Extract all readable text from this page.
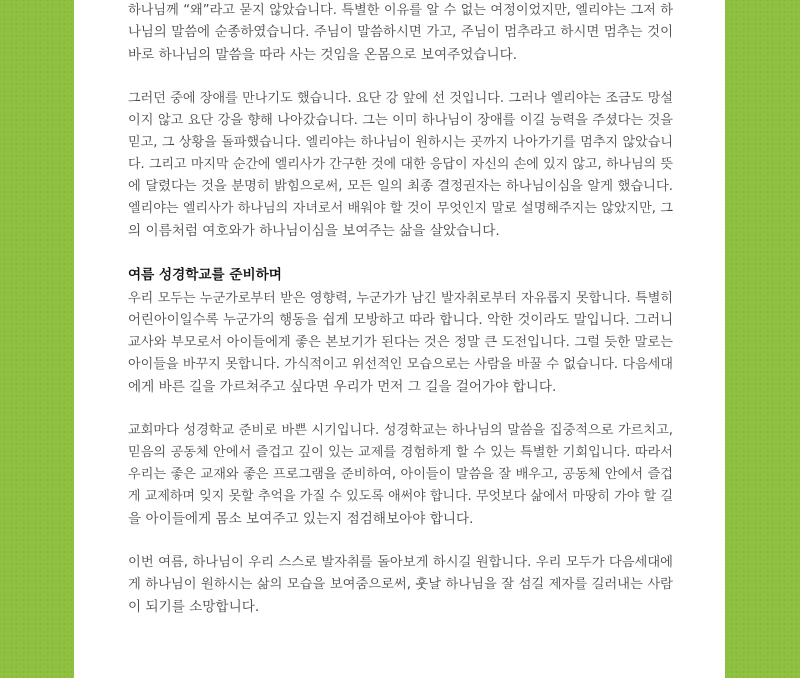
하나님께 “왜”라고 묻지 않았습니다. 특별한 이유를 알 수 없는 여정이었지만, 엘리야는 그저 하
나님의 말씀에 순종하였습니다. 주님이 말씀하시면 가고, 주님이 멈추라고 하시면 멈추는 것이
바로 하나님의 말씀을 따라 사는 것임을 온몸으로 보여주었습니다.

그러던 중에 장애를 만나기도 했습니다. 요단 강 앞에 선 것입니다. 그러나 엘리야는 조금도 망설
이지 않고 요단 강을 향해 나아갔습니다. 그는 이미 하나님이 장애를 이길 능력을 주셨다는 것을
믿고, 그 상황을 돌파했습니다. 엘리야는 하나님이 원하시는 곳까지 나아가기를 멈추지 않았습니
다. 그리고 마지막 순간에 엘리사가 간구한 것에 대한 응답이 자신의 손에 있지 않고, 하나님의 뜻
에 달렸다는 것을 분명히 밝힘으로써, 모든 일의 최종 결정권자는 하나님이심을 알게 했습니다.
엘리야는 엘리사가 하나님의 자녀로서 배워야 할 것이 무엇인지 말로 설명해주지는 않았지만, 그
의 이름처럼 여호와가 하나님이심을 보여주는 삶을 살았습니다.

여름 성경학교를 준비하며

우리 모두는 누군가로부터 받은 영향력, 누군가가 남긴 발자취로부터 자유롭지 못합니다. 특별히
어린아이일수록 누군가의 행동을 쉽게 모방하고 따라 합니다. 악한 것이라도 말입니다. 그러니
교사와 부모로서 아이들에게 좋은 본보기가 된다는 것은 정말 큰 도전입니다. 그럴 듯한 말로는
아이들을 바꾸지 못합니다. 가식적이고 위선적인 모습으로는 사람을 바꿀 수 없습니다. 다음세대
에게 바른 길을 가르쳐주고 싶다면 우리가 먼저 그 길을 걸어가야 합니다.

교회마다 성경학교 준비로 바쁜 시기입니다. 성경학교는 하나님의 말씀을 집중적으로 가르치고,
믿음의 공동체 안에서 즐겁고 깊이 있는 교제를 경험하게 할 수 있는 특별한 기회입니다. 따라서
우리는 좋은 교재와 좋은 프로그램을 준비하여, 아이들이 말씀을 잘 배우고, 공동체 안에서 즐겁
게 교제하며 잊지 못할 추억을 가질 수 있도록 애써야 합니다. 무엇보다 삶에서 마땅히 가야 할 길
을 아이들에게 몸소 보여주고 있는지 점검해보아야 합니다.

이번 여름, 하나님이 우리 스스로 발자취를 돌아보게 하시길 원합니다. 우리 모두가 다음세대에
게 하나님이 원하시는 삶의 모습을 보여줌으로써, 훗날 하나님을 잘 섬길 제자를 길러내는 사람
이 되기를 소망합니다.
